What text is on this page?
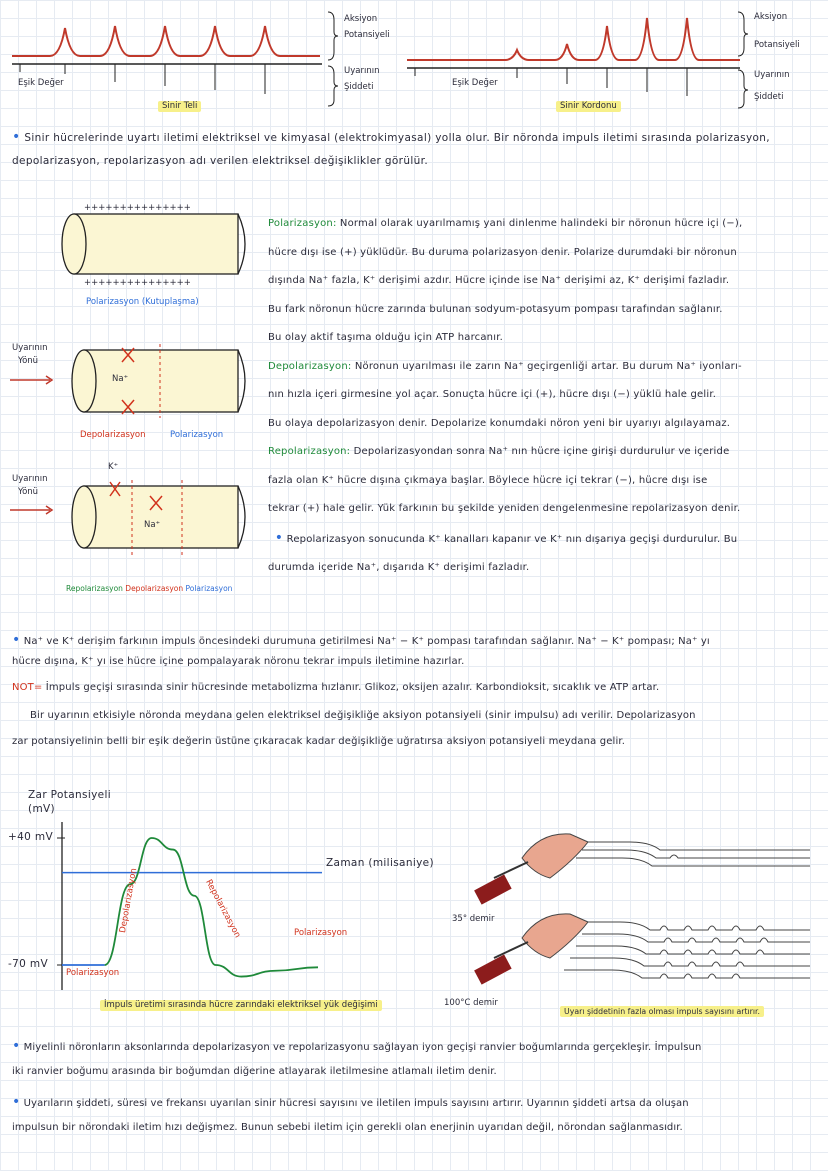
Aksiyon
Potansiyeli
Uyarının
Şiddeti
Eşik Değer
Sinir Teli
Aksiyon
Potansiyeli
Uyarının
Şiddeti
Eşik Değer
Sinir Kordonu
• Sinir hücrelerinde uyartı iletimi elektriksel ve kimyasal (elektrokimyasal) yolla olur. Bir nöronda impuls iletimi sırasında polarizasyon,
depolarizasyon, repolarizasyon adı verilen elektriksel değişiklikler görülür.
+++++++++++++++
+++++++++++++++
Polarizasyon (Kutuplaşma)
Uyarının
Yönü
Na⁺
Depolarizasyon	Polarizasyon
Uyarının
Yönü
K⁺
Na⁺
Repolarizasyon Depolarizasyon Polarizasyon
Polarizasyon: Normal olarak uyarılmamış yani dinlenme halindeki bir nöronun hücre içi (−),
hücre dışı ise (+) yüklüdür. Bu duruma polarizasyon denir. Polarize durumdaki bir nöronun
dışında Na⁺ fazla, K⁺ derişimi azdır. Hücre içinde ise Na⁺ derişimi az, K⁺ derişimi fazladır.
Bu fark nöronun hücre zarında bulunan sodyum-potasyum pompası tarafından sağlanır.
Bu olay aktif taşıma olduğu için ATP harcanır.
Depolarizasyon: Nöronun uyarılması ile zarın Na⁺ geçirgenliği artar. Bu durum Na⁺ iyonları-
nın hızla içeri girmesine yol açar. Sonuçta hücre içi (+), hücre dışı (−) yüklü hale gelir.
Bu olaya depolarizasyon denir. Depolarize konumdaki nöron yeni bir uyarıyı algılayamaz.
Repolarizasyon: Depolarizasyondan sonra Na⁺ nın hücre içine girişi durdurulur ve içeride
fazla olan K⁺ hücre dışına çıkmaya başlar. Böylece hücre içi tekrar (−), hücre dışı ise
tekrar (+) hale gelir. Yük farkının bu şekilde yeniden dengelenmesine repolarizasyon denir.
• Repolarizasyon sonucunda K⁺ kanalları kapanır ve K⁺ nın dışarıya geçişi durdurulur. Bu
durumda içeride Na⁺, dışarıda K⁺ derişimi fazladır.
• Na⁺ ve K⁺ derişim farkının impuls öncesindeki durumuna getirilmesi Na⁺ − K⁺ pompası tarafından sağlanır. Na⁺ − K⁺ pompası; Na⁺ yı
hücre dışına, K⁺ yı ise hücre içine pompalayarak nöronu tekrar impuls iletimine hazırlar.
NOT= İmpuls geçişi sırasında sinir hücresinde metabolizma hızlanır. Glikoz, oksijen azalır. Karbondioksit, sıcaklık ve ATP artar.
Bir uyarının etkisiyle nöronda meydana gelen elektriksel değişikliğe aksiyon potansiyeli (sinir impulsu) adı verilir. Depolarizasyon
zar potansiyelinin belli bir eşik değerin üstüne çıkaracak kadar değişikliğe uğratırsa aksiyon potansiyeli meydana gelir.
Zar Potansiyeli (mV)
+40 mV
-70 mV
Zaman (milisaniye)
Polarizasyon
Depolarizasyon	Repolarizasyon	Polarizasyon
İmpuls üretimi sırasında hücre zarındaki elektriksel yük değişimi
35° demir
100°C demir
Uyarı şiddetinin fazla olması impuls sayısını artırır.
• Miyelinli nöronların aksonlarında depolarizasyon ve repolarizasyonu sağlayan iyon geçişi ranvier boğumlarında gerçekleşir. İmpulsun
iki ranvier boğumu arasında bir boğumdan diğerine atlayarak iletilmesine atlamalı iletim denir.
• Uyarıların şiddeti, süresi ve frekansı uyarılan sinir hücresi sayısını ve iletilen impuls sayısını artırır. Uyarının şiddeti artsa da oluşan
impulsun bir nörondaki iletim hızı değişmez. Bunun sebebi iletim için gerekli olan enerjinin uyarıdan değil, nörondan sağlanmasıdır.
